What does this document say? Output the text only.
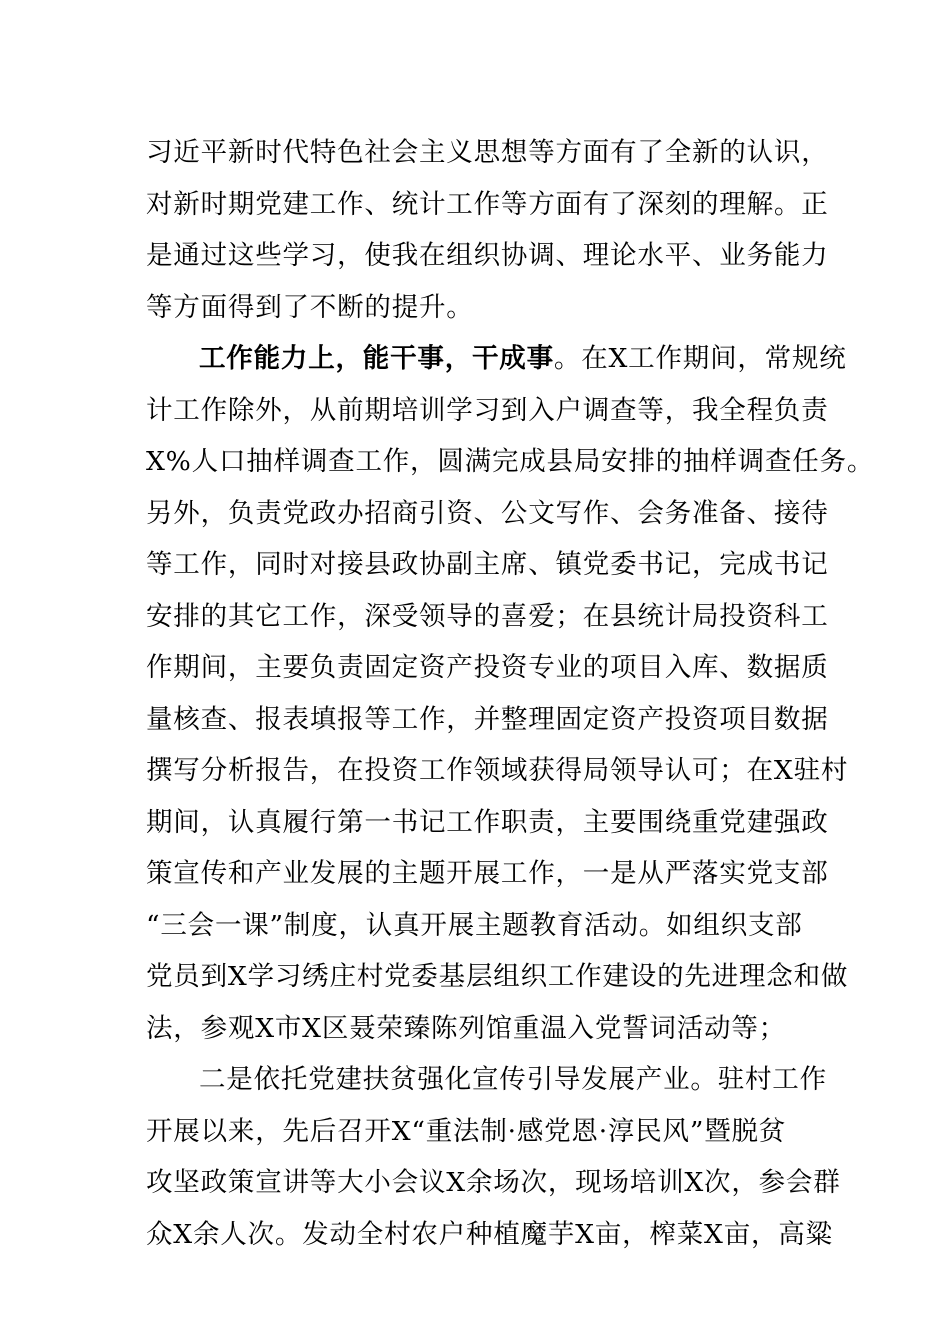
习近平新时代特色社会主义思想等方面有了全新的认识，
对新时期党建工作、统计工作等方面有了深刻的理解。正
是通过这些学习，使我在组织协调、理论水平、业务能力
等方面得到了不断的提升。
工作能力上，能干事，干成事。在X工作期间，常规统
计工作除外，从前期培训学习到入户调查等，我全程负责
X%人口抽样调查工作，圆满完成县局安排的抽样调查任务。
另外，负责党政办招商引资、公文写作、会务准备、接待
等工作，同时对接县政协副主席、镇党委书记，完成书记
安排的其它工作，深受领导的喜爱；在县统计局投资科工
作期间，主要负责固定资产投资专业的项目入库、数据质
量核查、报表填报等工作，并整理固定资产投资项目数据
撰写分析报告，在投资工作领域获得局领导认可；在X驻村
期间，认真履行第一书记工作职责，主要围绕重党建强政
策宣传和产业发展的主题开展工作，一是从严落实党支部
“三会一课”制度，认真开展主题教育活动。如组织支部
党员到X学习绣庄村党委基层组织工作建设的先进理念和做
法，参观X市X区聂荣臻陈列馆重温入党誓词活动等；
二是依托党建扶贫强化宣传引导发展产业。驻村工作
开展以来，先后召开X“重法制·感党恩·淳民风”暨脱贫
攻坚政策宣讲等大小会议X余场次，现场培训X次，参会群
众X余人次。发动全村农户种植魔芋X亩，榨菜X亩，高粱
